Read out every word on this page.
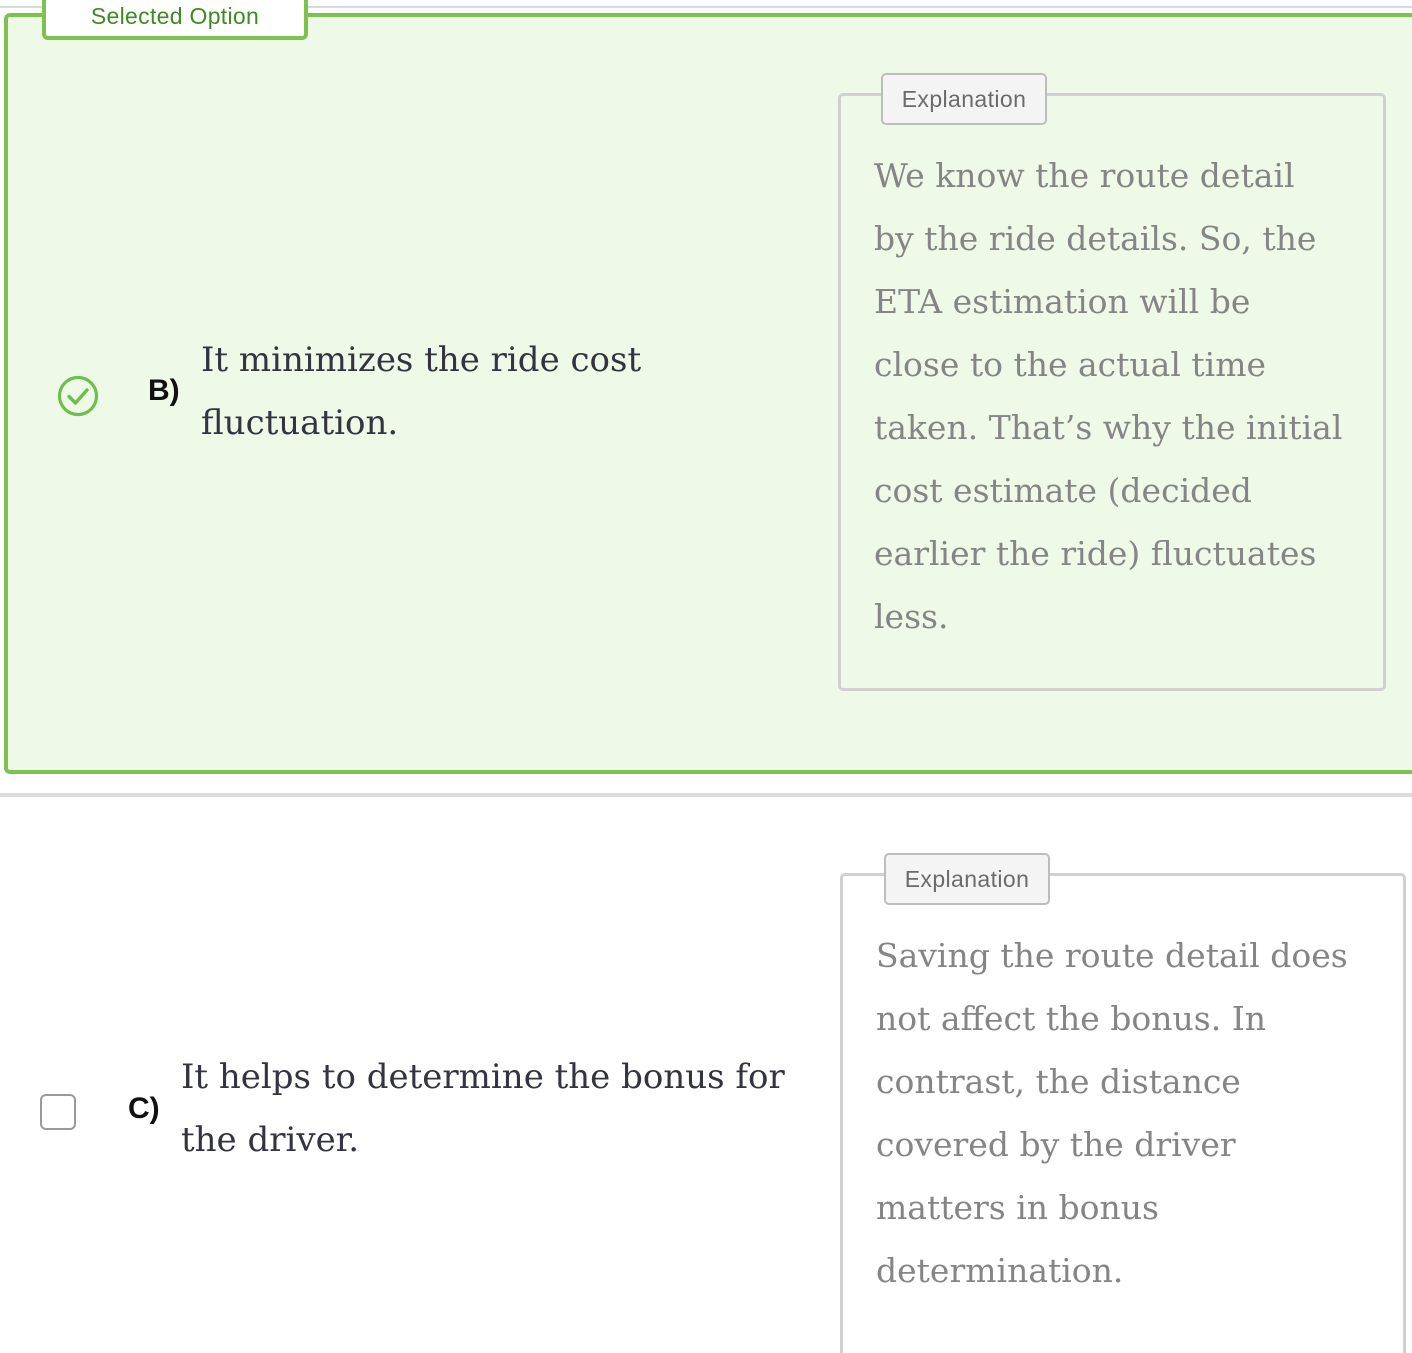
Selected Option
B)
It minimizes the ride cost
fluctuation.
Explanation
We know the route detail
by the ride details. So, the
ETA estimation will be
close to the actual time
taken. That’s why the initial
cost estimate (decided
earlier the ride) fluctuates
less.
C)
It helps to determine the bonus for
the driver.
Explanation
Saving the route detail does
not affect the bonus. In
contrast, the distance
covered by the driver
matters in bonus
determination.
